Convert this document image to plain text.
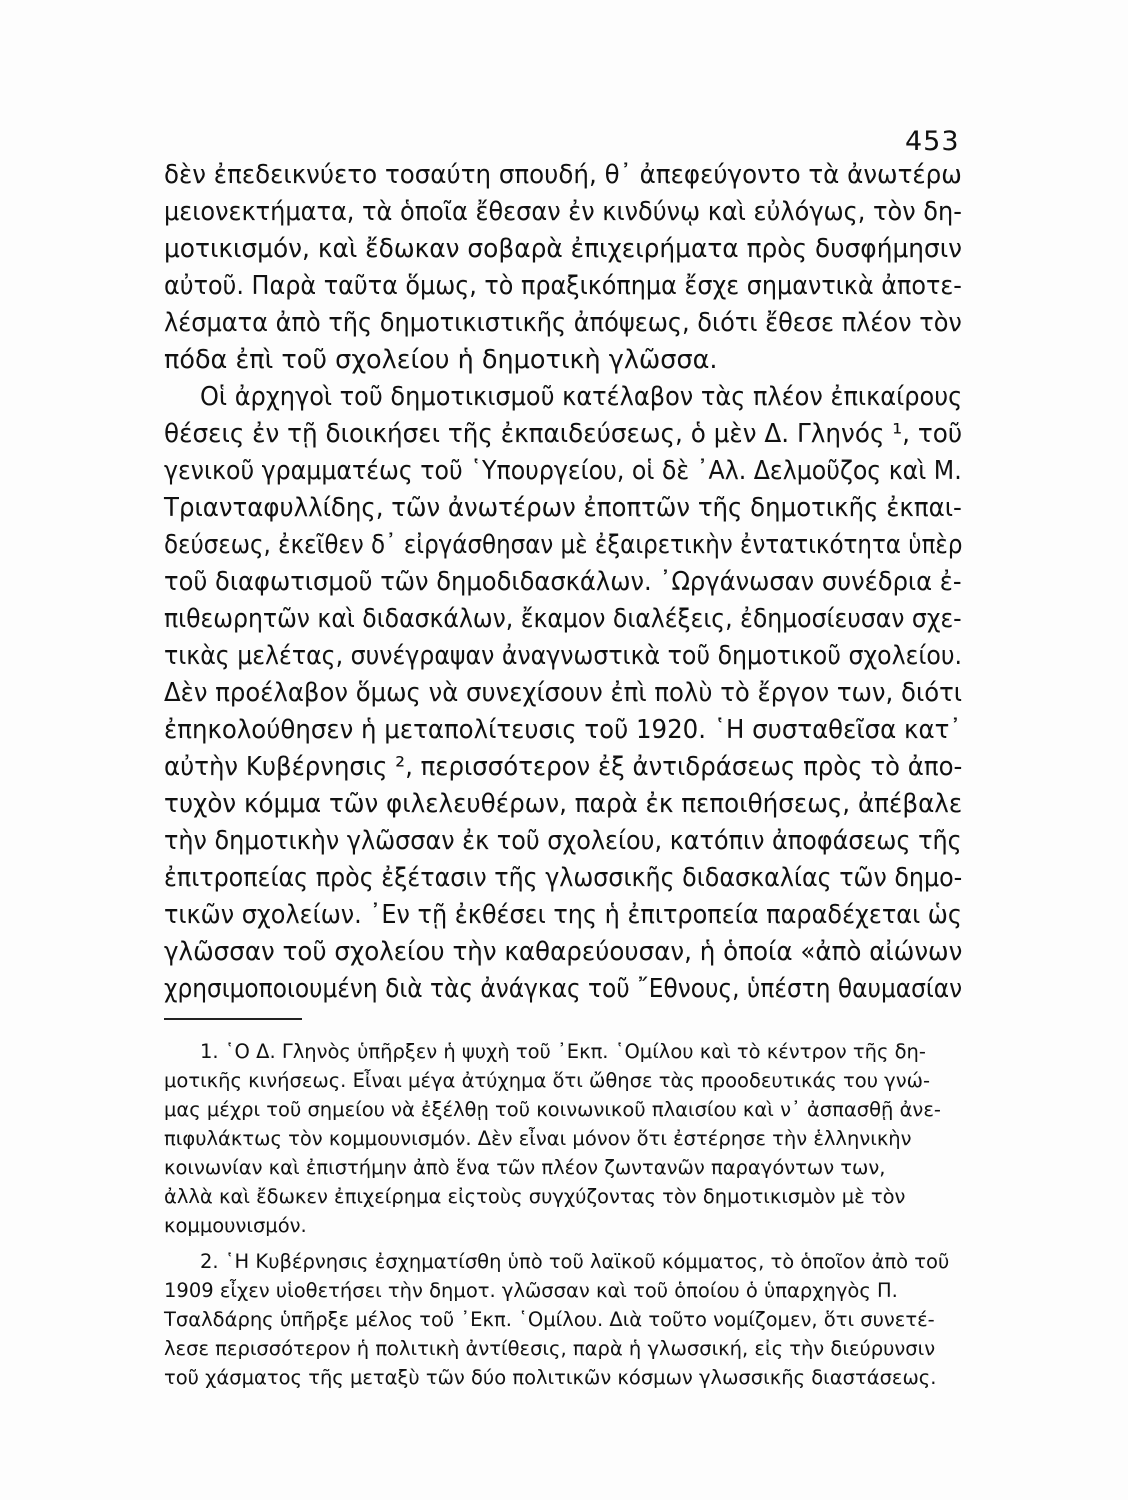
453
δὲν ἐπεδεικνύετο τοσαύτη σπουδή, θ᾿ ἀπεφεύγοντο τὰ ἀνωτέρω
μειονεκτήματα, τὰ ὁποῖα ἔθεσαν ἐν κινδύνῳ καὶ εὐλόγως, τὸν δη-
μοτικισμόν, καὶ ἔδωκαν σοβαρὰ ἐπιχειρήματα πρὸς δυσφήμησιν
αὐτοῦ. Παρὰ ταῦτα ὅμως, τὸ πραξικόπημα ἔσχε σημαντικὰ ἀποτε-
λέσματα ἀπὸ τῆς δημοτικιστικῆς ἀπόψεως, διότι ἔθεσε πλέον τὸν
πόδα ἐπὶ τοῦ σχολείου ἡ δημοτικὴ γλῶσσα.
Οἱ ἀρχηγοὶ τοῦ δημοτικισμοῦ κατέλαβον τὰς πλέον ἐπικαίρους
θέσεις ἐν τῇ διοικήσει τῆς ἐκπαιδεύσεως, ὁ μὲν Δ. Γληνός ¹, τοῦ
γενικοῦ γραμματέως τοῦ ῾Υπουργείου, οἱ δὲ ᾿Αλ. Δελμοῦζος καὶ Μ.
Τριανταφυλλίδης, τῶν ἀνωτέρων ἐποπτῶν τῆς δημοτικῆς ἐκπαι-
δεύσεως, ἐκεῖθεν δ᾿ εἰργάσθησαν μὲ ἐξαιρετικὴν ἐντατικότητα ὑπὲρ
τοῦ διαφωτισμοῦ τῶν δημοδιδασκάλων. ᾿Ωργάνωσαν συνέδρια ἐ-
πιθεωρητῶν καὶ διδασκάλων, ἔκαμον διαλέξεις, ἐδημοσίευσαν σχε-
τικὰς μελέτας, συνέγραψαν ἀναγνωστικὰ τοῦ δημοτικοῦ σχολείου.
Δὲν προέλαβον ὅμως νὰ συνεχίσουν ἐπὶ πολὺ τὸ ἔργον των, διότι
ἐπηκολούθησεν ἡ μεταπολίτευσις τοῦ 1920. ῾Η συσταθεῖσα κατ᾿
αὐτὴν Κυβέρνησις ², περισσότερον ἐξ ἀντιδράσεως πρὸς τὸ ἀπο-
τυχὸν κόμμα τῶν φιλελευθέρων, παρὰ ἐκ πεποιθήσεως, ἀπέβαλε
τὴν δημοτικὴν γλῶσσαν ἐκ τοῦ σχολείου, κατόπιν ἀποφάσεως τῆς
ἐπιτροπείας πρὸς ἐξέτασιν τῆς γλωσσικῆς διδασκαλίας τῶν δημο-
τικῶν σχολείων. ᾿Εν τῇ ἐκθέσει της ἡ ἐπιτροπεία παραδέχεται ὡς
γλῶσσαν τοῦ σχολείου τὴν καθαρεύουσαν, ἡ ὁποία «ἀπὸ αἰώνων
χρησιμοποιουμένη διὰ τὰς ἀνάγκας τοῦ ῎Εθνους, ὑπέστη θαυμασίαν
1. ῾Ο Δ. Γληνὸς ὑπῆρξεν ἡ ψυχὴ τοῦ ᾿Εκπ. ῾Ομίλου καὶ τὸ κέντρον τῆς δη-
μοτικῆς κινήσεως. Εἶναι μέγα ἀτύχημα ὅτι ὤθησε τὰς προοδευτικάς του γνώ-
μας μέχρι τοῦ σημείου νὰ ἐξέλθῃ τοῦ κοινωνικοῦ πλαισίου καὶ ν᾿ ἀσπασθῇ ἀνε-
πιφυλάκτως τὸν κομμουνισμόν. Δὲν εἶναι μόνον ὅτι ἐστέρησε τὴν ἑλληνικὴν
κοινωνίαν καὶ ἐπιστήμην ἀπὸ ἕνα τῶν πλέον ζωντανῶν παραγόντων των,
ἀλλὰ καὶ ἔδωκεν ἐπιχείρημα εἰςτοὺς συγχύζοντας τὸν δημοτικισμὸν μὲ τὸν
κομμουνισμόν.
2. ῾Η Κυβέρνησις ἐσχηματίσθη ὑπὸ τοῦ λαϊκοῦ κόμματος, τὸ ὁποῖον ἀπὸ τοῦ
1909 εἶχεν υἱοθετήσει τὴν δημοτ. γλῶσσαν καὶ τοῦ ὁποίου ὁ ὑπαρχηγὸς Π.
Τσαλδάρης ὑπῆρξε μέλος τοῦ ᾿Εκπ. ῾Ομίλου. Διὰ τοῦτο νομίζομεν, ὅτι συνετέ-
λεσε περισσότερον ἡ πολιτικὴ ἀντίθεσις, παρὰ ἡ γλωσσική, εἰς τὴν διεύρυνσιν
τοῦ χάσματος τῆς μεταξὺ τῶν δύο πολιτικῶν κόσμων γλωσσικῆς διαστάσεως.
